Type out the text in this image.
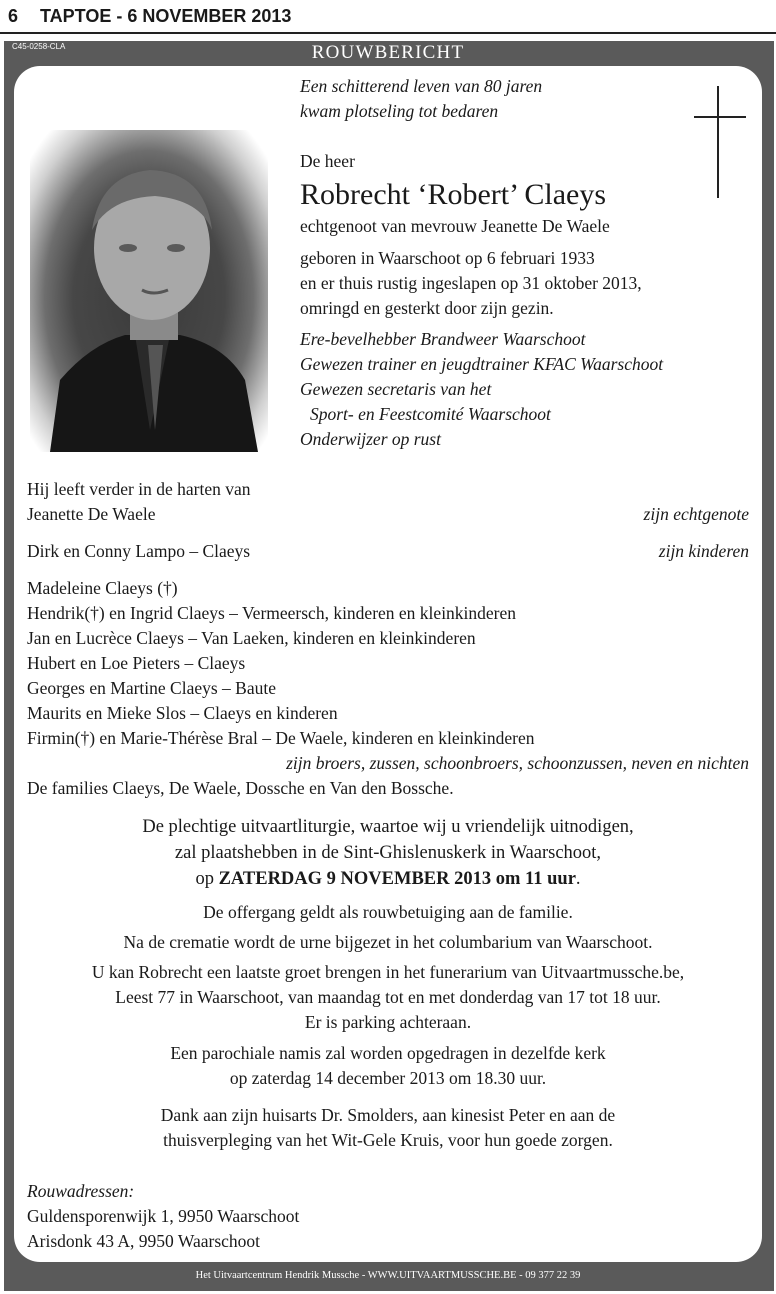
6 TAPTOE - 6 NOVEMBER 2013
C45-0258-CLA	ROUWBERICHT
Een schitterend leven van 80 jaren
kwam plotseling tot bedaren
De heer
Robrecht ‘Robert’ Claeys
echtgenoot van mevrouw Jeanette De Waele
geboren in Waarschoot op 6 februari 1933
en er thuis rustig ingeslapen op 31 oktober 2013,
omringd en gesterkt door zijn gezin.
Ere-bevelhebber Brandweer Waarschoot
Gewezen trainer en jeugdtrainer KFAC Waarschoot
Gewezen secretaris van het
Sport- en Feestcomité Waarschoot
Onderwijzer op rust
Hij leeft verder in de harten van
Jeanette De Waele	zijn echtgenote
Dirk en Conny Lampo – Claeys	zijn kinderen
Madeleine Claeys (†)
Hendrik(†) en Ingrid Claeys – Vermeersch, kinderen en kleinkinderen
Jan en Lucrèce Claeys – Van Laeken, kinderen en kleinkinderen
Hubert en Loe Pieters – Claeys
Georges en Martine Claeys – Baute
Maurits en Mieke Slos – Claeys en kinderen
Firmin(†) en Marie-Thérèse Bral – De Waele, kinderen en kleinkinderen
zijn broers, zussen, schoonbroers, schoonzussen, neven en nichten
De families Claeys, De Waele, Dossche en Van den Bossche.
De plechtige uitvaartliturgie, waartoe wij u vriendelijk uitnodigen,
zal plaatshebben in de Sint-Ghislenuskerk in Waarschoot,
op ZATERDAG 9 NOVEMBER 2013 om 11 uur.
De offergang geldt als rouwbetuiging aan de familie.
Na de crematie wordt de urne bijgezet in het columbarium van Waarschoot.
U kan Robrecht een laatste groet brengen in het funerarium van Uitvaartmussche.be,
Leest 77 in Waarschoot, van maandag tot en met donderdag van 17 tot 18 uur.
Er is parking achteraan.
Een parochiale namis zal worden opgedragen in dezelfde kerk
op zaterdag 14 december 2013 om 18.30 uur.
Dank aan zijn huisarts Dr. Smolders, aan kinesist Peter en aan de
thuisverpleging van het Wit-Gele Kruis, voor hun goede zorgen.
Rouwadressen:
Guldensporenwijk 1, 9950 Waarschoot
Arisdonk 43 A, 9950 Waarschoot
Het Uitvaartcentrum Hendrik Mussche - WWW.UITVAARTMUSSCHE.BE - 09 377 22 39
